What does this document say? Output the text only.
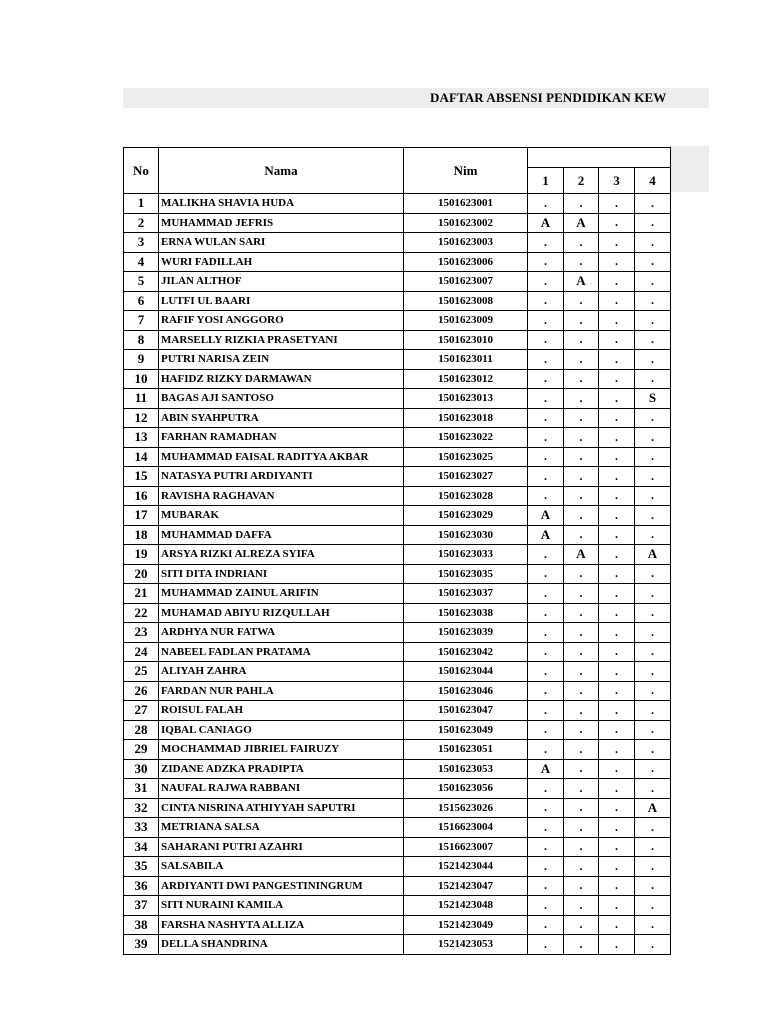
DAFTAR ABSENSI PENDIDIKAN KEW
No	Nama	Nim				
			1	2	3	4
1	MALIKHA SHAVIA HUDA	1501623001	.	.	.	.
2	MUHAMMAD JEFRIS	1501623002	A	A	.	.
3	ERNA WULAN SARI	1501623003	.	.	.	.
4	WURI FADILLAH	1501623006	.	.	.	.
5	JILAN ALTHOF	1501623007	.	A	.	.
6	LUTFI UL BAARI	1501623008	.	.	.	.
7	RAFIF YOSI ANGGORO	1501623009	.	.	.	.
8	MARSELLY RIZKIA PRASETYANI	1501623010	.	.	.	.
9	PUTRI NARISA ZEIN	1501623011	.	.	.	.
10	HAFIDZ RIZKY DARMAWAN	1501623012	.	.	.	.
11	BAGAS AJI SANTOSO	1501623013	.	.	.	S
12	ABIN SYAHPUTRA	1501623018	.	.	.	.
13	FARHAN RAMADHAN	1501623022	.	.	.	.
14	MUHAMMAD FAISAL RADITYA AKBAR	1501623025	.	.	.	.
15	NATASYA PUTRI ARDIYANTI	1501623027	.	.	.	.
16	RAVISHA RAGHAVAN	1501623028	.	.	.	.
17	MUBARAK	1501623029	A	.	.	.
18	MUHAMMAD DAFFA	1501623030	A	.	.	.
19	ARSYA RIZKI ALREZA SYIFA	1501623033	.	A	.	A
20	SITI DITA INDRIANI	1501623035	.	.	.	.
21	MUHAMMAD ZAINUL ARIFIN	1501623037	.	.	.	.
22	MUHAMAD ABIYU RIZQULLAH	1501623038	.	.	.	.
23	ARDHYA NUR FATWA	1501623039	.	.	.	.
24	NABEEL FADLAN PRATAMA	1501623042	.	.	.	.
25	ALIYAH ZAHRA	1501623044	.	.	.	.
26	FARDAN NUR PAHLA	1501623046	.	.	.	.
27	ROISUL FALAH	1501623047	.	.	.	.
28	IQBAL CANIAGO	1501623049	.	.	.	.
29	MOCHAMMAD JIBRIEL FAIRUZY	1501623051	.	.	.	.
30	ZIDANE ADZKA PRADIPTA	1501623053	A	.	.	.
31	NAUFAL RAJWA RABBANI	1501623056	.	.	.	.
32	CINTA NISRINA ATHIYYAH SAPUTRI	1515623026	.	.	.	A
33	METRIANA SALSA	1516623004	.	.	.	.
34	SAHARANI PUTRI AZAHRI	1516623007	.	.	.	.
35	SALSABILA	1521423044	.	.	.	.
36	ARDIYANTI DWI PANGESTININGRUM	1521423047	.	.	.	.
37	SITI NURAINI KAMILA	1521423048	.	.	.	.
38	FARSHA NASHYTA ALLIZA	1521423049	.	.	.	.
39	DELLA SHANDRINA	1521423053	.	.	.	.
